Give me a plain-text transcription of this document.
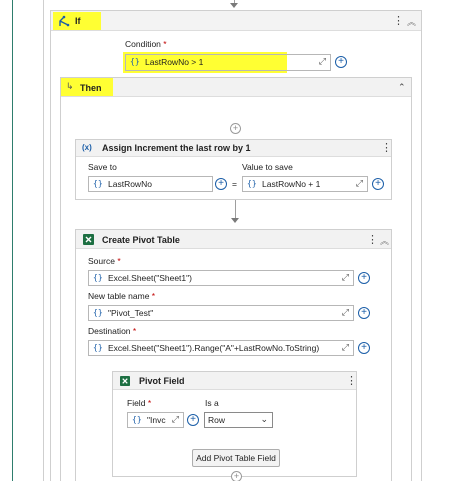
If	⋮ ︽
Condition *
{} LastRowNo > 1	⤢	+
↳ Then	⌃
+
(x) Assign Increment the last row by 1	⋮
Save to
{} LastRowNo	+ =
Value to save
{} LastRowNo + 1	⤢	+
Create Pivot Table	⋮ ︽
Source *
{} Excel.Sheet("Sheet1")	⤢	+
New table name *
{} "Pivot_Test"	⤢	+
Destination *
{} Excel.Sheet("Sheet1").Range("A"+LastRowNo.ToString)	⤢	+
Pivot Field	⋮
Field *
{} "Invc ⤢	+
Is a
Row	⌄
Add Pivot Table Field
+
